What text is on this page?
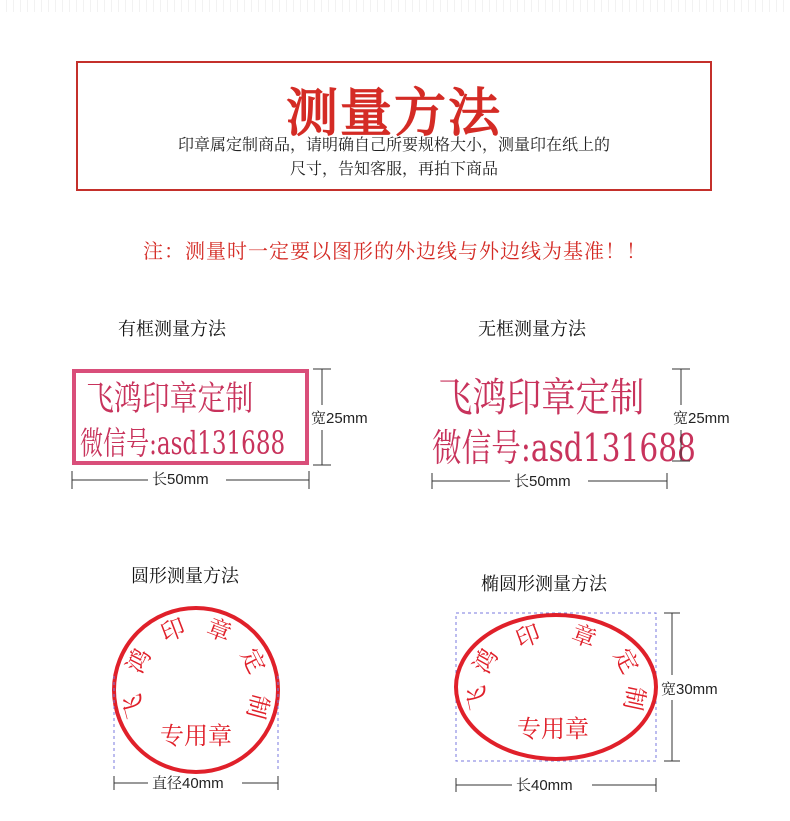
测量方法
印章属定制商品，请明确自己所要规格大小，测量印在纸上的
尺寸，告知客服，再拍下商品
注：测量时一定要以图形的外边线与外边线为基准！！
有框测量方法
飞鸿印章定制
微信号:asd131688
无框测量方法
飞鸿印章定制
微信号:asd131688
圆形测量方法	椭圆形测量方法
宽25mm
长50mm
宽25mm
长50mm
飞
鸿
印 章
定
制
专用章
直径40mm
飞
鸿
印 章
定
制
专用章
宽30mm
长40mm
